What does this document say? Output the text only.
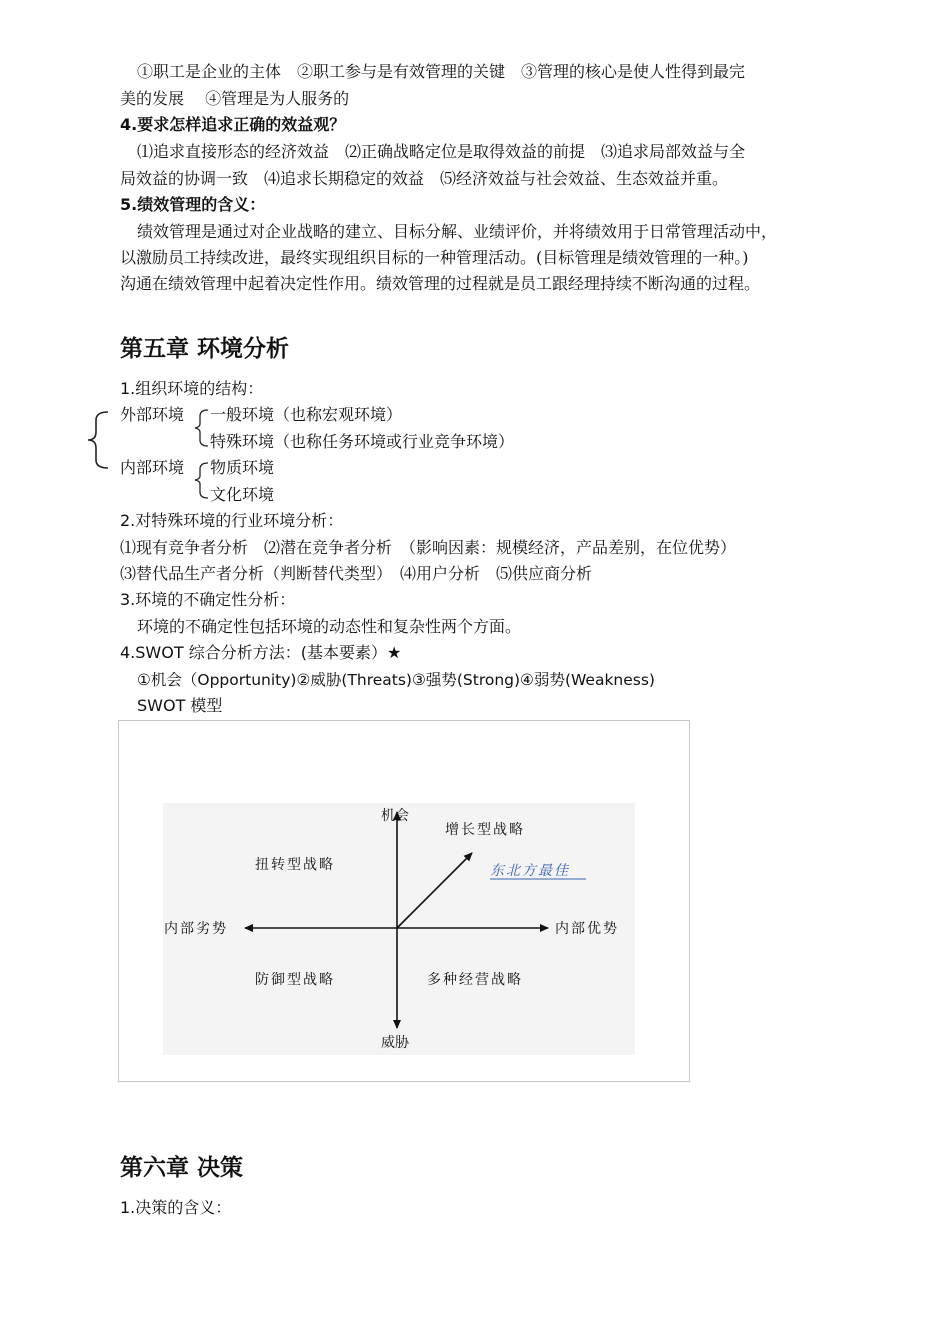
①职工是企业的主体　②职工参与是有效管理的关键　③管理的核心是使人性得到最完
美的发展　 ④管理是为人服务的
4.要求怎样追求正确的效益观？
⑴追求直接形态的经济效益　⑵正确战略定位是取得效益的前提　⑶追求局部效益与全
局效益的协调一致　⑷追求长期稳定的效益　⑸经济效益与社会效益、生态效益并重。
5.绩效管理的含义：
绩效管理是通过对企业战略的建立、目标分解、业绩评价，并将绩效用于日常管理活动中，
以激励员工持续改进，最终实现组织目标的一种管理活动。(目标管理是绩效管理的一种。)
沟通在绩效管理中起着决定性作用。绩效管理的过程就是员工跟经理持续不断沟通的过程。
第五章 环境分析
1.组织环境的结构：
外部环境 一般环境（也称宏观环境）
特殊环境（也称任务环境或行业竞争环境）
内部环境 物质环境
文化环境
2.对特殊环境的行业环境分析：
⑴现有竞争者分析　⑵潜在竞争者分析　（影响因素：规模经济，产品差别，在位优势）
⑶替代品生产者分析（判断替代类型）　⑷用户分析　⑸供应商分析
3.环境的不确定性分析：
环境的不确定性包括环境的动态性和复杂性两个方面。
4.SWOT 综合分析方法：(基本要素）★
①机会（Opportunity)②威胁(Threats)③强势(Strong)④弱势(Weakness)
SWOT 模型
机会
威胁
内部劣势	内部优势
增长型战略
扭转型战略
防御型战略	多种经营战略
东北方最佳
第六章 决策
1.决策的含义：
